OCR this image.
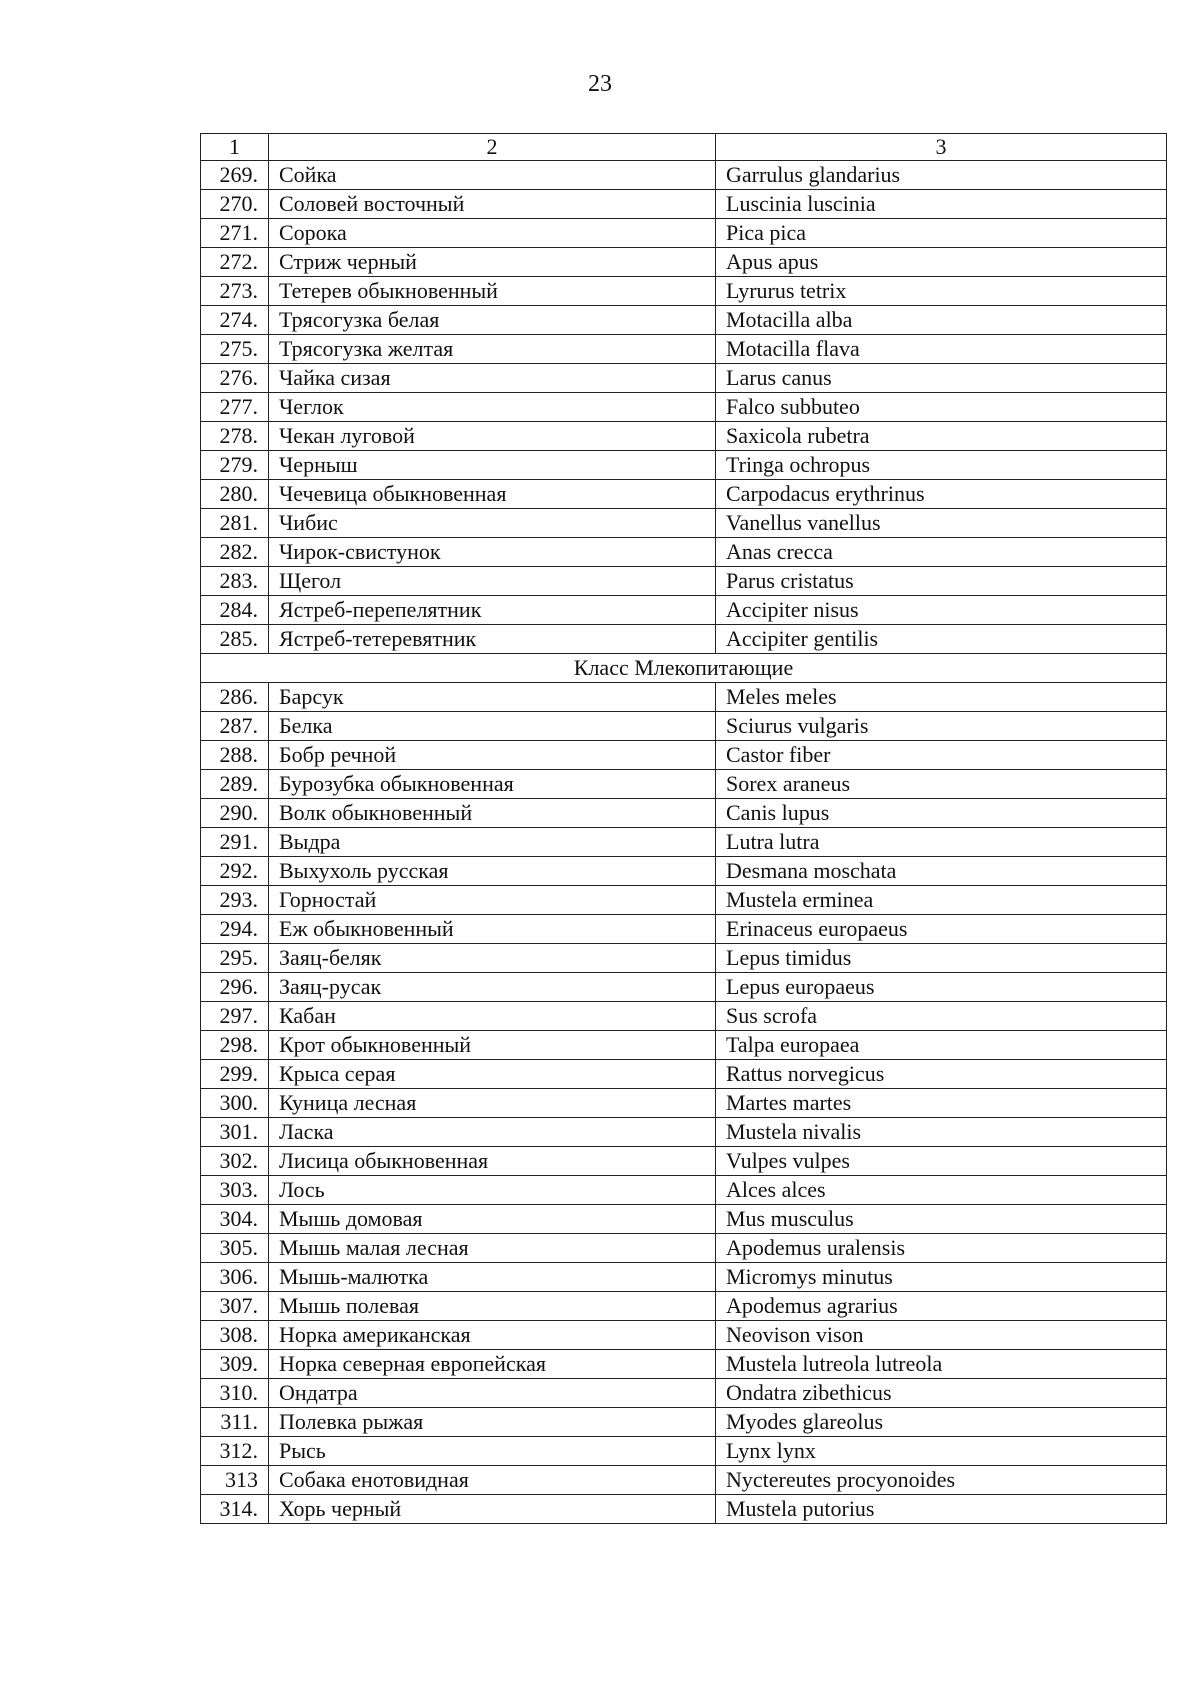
23
1	2	3
269.	Сойка	Garrulus glandarius
270.	Соловей восточный	Luscinia luscinia
271.	Сорока	Pica pica
272.	Стриж черный	Apus apus
273.	Тетерев обыкновенный	Lyrurus tetrix
274.	Трясогузка белая	Motacilla alba
275.	Трясогузка желтая	Motacilla flava
276.	Чайка сизая	Larus canus
277.	Чеглок	Falco subbuteo
278.	Чекан луговой	Saxicola rubetra
279.	Черныш	Tringa ochropus
280.	Чечевица обыкновенная	Carpodacus erythrinus
281.	Чибис	Vanellus vanellus
282.	Чирок-свистунок	Anas crecca
283.	Щегол	Parus cristatus
284.	Ястреб-перепелятник	Accipiter nisus
285.	Ястреб-тетеревятник	Accipiter gentilis
Класс Млекопитающие		
286.	Барсук	Meles meles
287.	Белка	Sciurus vulgaris
288.	Бобр речной	Castor fiber
289.	Бурозубка обыкновенная	Sorex araneus
290.	Волк обыкновенный	Canis lupus
291.	Выдра	Lutra lutra
292.	Выхухоль русская	Desmana moschata
293.	Горностай	Mustela erminea
294.	Еж обыкновенный	Erinaceus europaeus
295.	Заяц-беляк	Lepus timidus
296.	Заяц-русак	Lepus europaeus
297.	Кабан	Sus scrofa
298.	Крот обыкновенный	Talpa europaea
299.	Крыса серая	Rattus norvegicus
300.	Куница лесная	Martes martes
301.	Ласка	Mustela nivalis
302.	Лисица обыкновенная	Vulpes vulpes
303.	Лось	Alces alces
304.	Мышь домовая	Mus musculus
305.	Мышь малая лесная	Apodemus uralensis
306.	Мышь-малютка	Micromys minutus
307.	Мышь полевая	Apodemus agrarius
308.	Норка американская	Neovison vison
309.	Норка северная европейская	Mustela lutreola lutreola
310.	Ондатра	Ondatra zibethicus
311.	Полевка рыжая	Myodes glareolus
312.	Рысь	Lynx lynx
313	Собака енотовидная	Nyctereutes procyonoides
314.	Хорь черный	Mustela putorius
